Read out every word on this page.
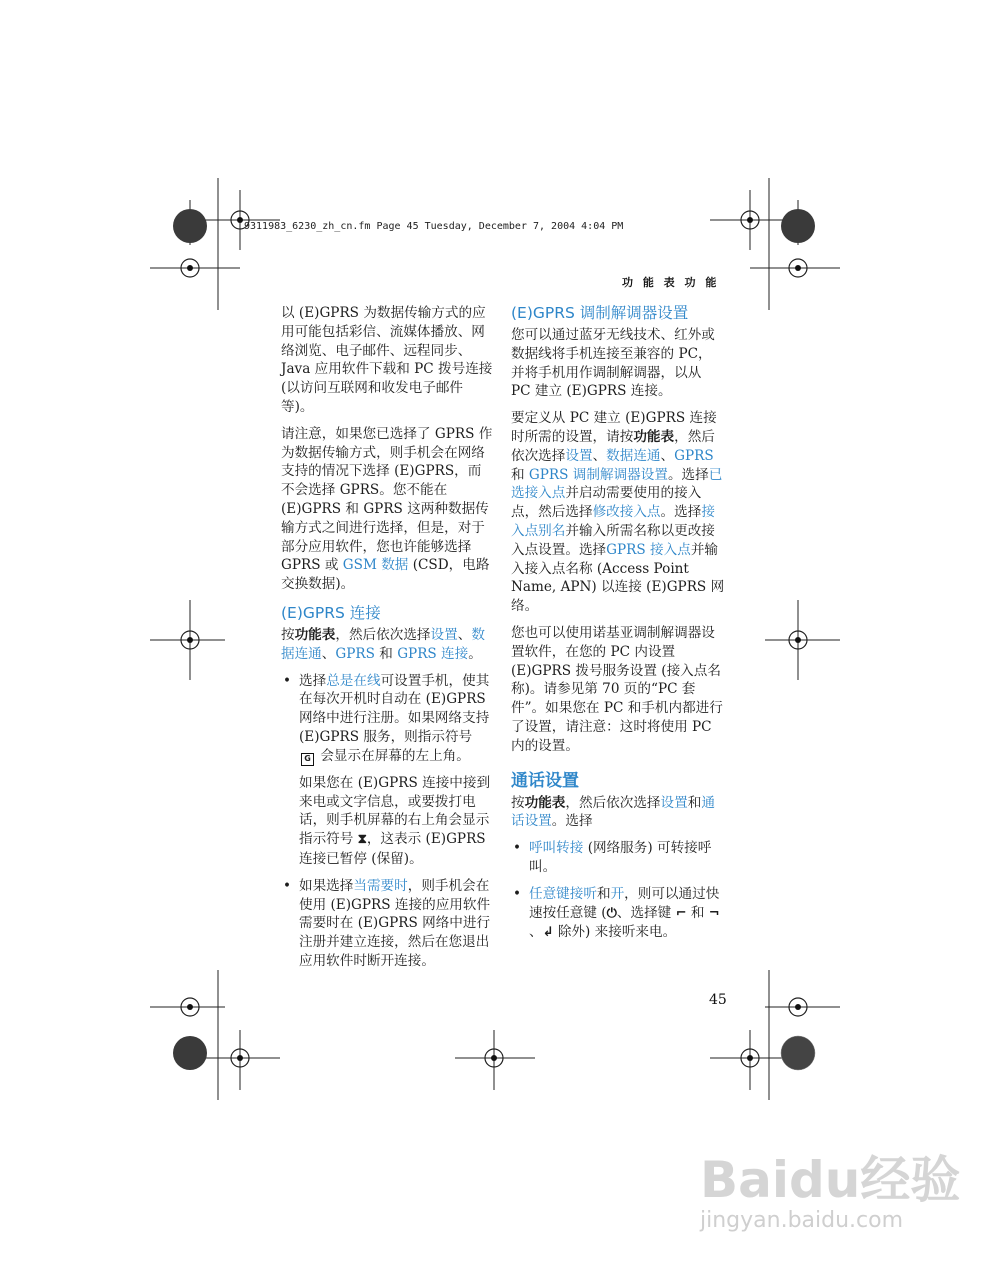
9311983_6230_zh_cn.fm Page 45 Tuesday, December 7, 2004 4:04 PM
功 能 表 功 能

以 (E)GPRS 为数据传输方式的应用可能包括彩信、流媒体播放、网络浏览、电子邮件、远程同步、Java 应用软件下载和 PC 拨号连接 (以访问互联网和收发电子邮件等)。

请注意，如果您已选择了 GPRS 作为数据传输方式，则手机会在网络支持的情况下选择 (E)GPRS，而不会选择 GPRS。您不能在 (E)GPRS 和 GPRS 这两种数据传输方式之间进行选择，但是，对于部分应用软件，您也许能够选择 GPRS 或 GSM 数据 (CSD，电路交换数据)。

(E)GPRS 连接

按功能表，然后依次选择设置、数据连通、GPRS 和 GPRS 连接。

• 选择总是在线可设置手机，使其在每次开机时自动在 (E)GPRS 网络中进行注册。如果网络支持 (E)GPRS 服务，则指示符号 G 会显示在屏幕的左上角。
如果您在 (E)GPRS 连接中接到来电或文字信息，或要拨打电话，则手机屏幕的右上角会显示指示符号 ⧗，这表示 (E)GPRS 连接已暂停 (保留)。
• 如果选择当需要时，则手机会在使用 (E)GPRS 连接的应用软件需要时在 (E)GPRS 网络中进行注册并建立连接，然后在您退出应用软件时断开连接。
(E)GPRS 调制解调器设置

您可以通过蓝牙无线技术、红外或数据线将手机连接至兼容的 PC，并将手机用作调制解调器，以从 PC 建立 (E)GPRS 连接。

要定义从 PC 建立 (E)GPRS 连接时所需的设置，请按功能表，然后依次选择设置、数据连通、GPRS 和 GPRS 调制解调器设置。选择已选接入点并启动需要使用的接入点，然后选择修改接入点。选择接入点别名并输入所需名称以更改接入点设置。选择GPRS 接入点并输入接入点名称 (Access Point Name, APN) 以连接 (E)GPRS 网络。

您也可以使用诺基亚调制解调器设置软件，在您的 PC 内设置 (E)GPRS 拨号服务设置 (接入点名称)。请参见第 70 页的“PC 套件”。如果您在 PC 和手机内都进行了设置，请注意：这时将使用 PC 内的设置。

通话设置

按功能表，然后依次选择设置和通话设置。选择

• 呼叫转接 (网络服务) 可转接呼叫。
• 任意键接听和开，则可以通过快速按任意键 (⏻、选择键 ⌐ 和 ¬、↲ 除外) 来接听来电。
45
Baidu经验
jingyan.baidu.com
